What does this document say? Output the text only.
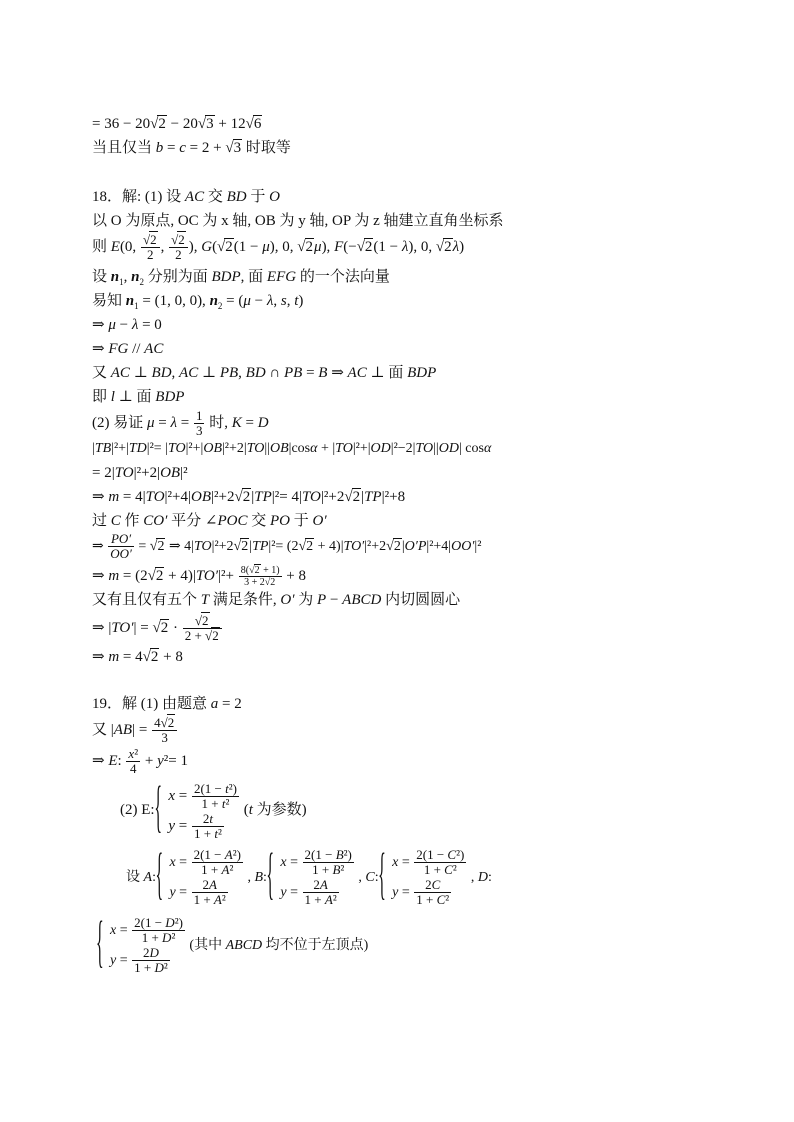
= 36 − 20√2 − 20√3 + 12√6
当且仅当 b = c = 2 + √3 时取等
18．解: (1) 设 AC 交 BD 于 O
以 O 为原点, OC 为 x 轴, OB 为 y 轴, OP 为 z 轴建立直角坐标系
则 E(0, $\frac{√2}{2}$ , $\frac{√2}{2}$ ), G(√2(1 − μ), 0, √2μ), F(−√2(1 − λ), 0, √2λ)
设 $n_1$, $n_2$ 分别为面 BDP, 面 EFG 的一个法向量
易知 $n_1 = (1$, 0, 0), $n_2 = (\mu - \lambda$, s, t)
⇒ μ − λ = 0
⇒ FG // AC
又 AC ⊥ BD, AC ⊥ PB, BD ∩ PB = B ⇒ AC ⊥ 面 BDP
即 l ⊥ 面 BDP
(2) 易证 $\mu = \lambda = \frac{1}{3}$ 时, K = D
|TB|²+|TD|²= |TO|²+|OB|²+2|TO||OB|cosα + |TO|²+|OD|²−2|TO||OD| cosα
= 2|TO|²+2|OB|²
⇒ m = 4|TO|²+4|OB|²+2√2|TP|²= 4|TO|²+2√2|TP|²+8
过 C 作 CO′ 平分 ∠POC 交 PO 于 O′
⇒ $\frac{PO'}{OO'} = √2$ ⇒ 4|TO|²+2√2|TP|²= (2√2 + 4)|TO′|²+2√2|O′P|²+4|OO′|²
⇒ $m = (2√2 + 4)|TO'|^2+ \frac{8(√2 + 1)}{3 + 2√2} + 8$
又有且仅有五个 T 满足条件, O′ 为 P − ABCD 内切圆圆心
⇒ $|TO'| = √2 \cdot \frac{√2}{2 + √2}$
⇒ m = 4√2 + 8
19．解 (1) 由题意 a = 2
又 $|AB| = \frac{4√2}{3}$
⇒ E: $\frac{\text{x²}}{4} + y^2= 1$
(2) E:
{ $x = \frac{\text{2(1 − t²)}}{\text{1 + t²}}$
$y = \frac{2t}{\text{1 + t²}}$
(t 为参数)
设 A:
{ $x = \frac{\text{2(1 − A²)}}{\text{1 + A²}}$
$y = \frac{2A}{\text{1 + A²}}$
, B:
{ $x = \frac{\text{2(1 − B²)}}{\text{1 + B²}}$
$y = \frac{2A}{\text{1 + A²}}$
, C:
{ $x = \frac{\text{2(1 − C²)}}{\text{1 + C²}}$
$y = \frac{2C}{\text{1 + C²}}$
, D:
{ $x = \frac{\text{2(1 − D²)}}{\text{1 + D²}}$
$y = \frac{2D}{\text{1 + D²}}$
(其中 ABCD 均不位于左顶点)
